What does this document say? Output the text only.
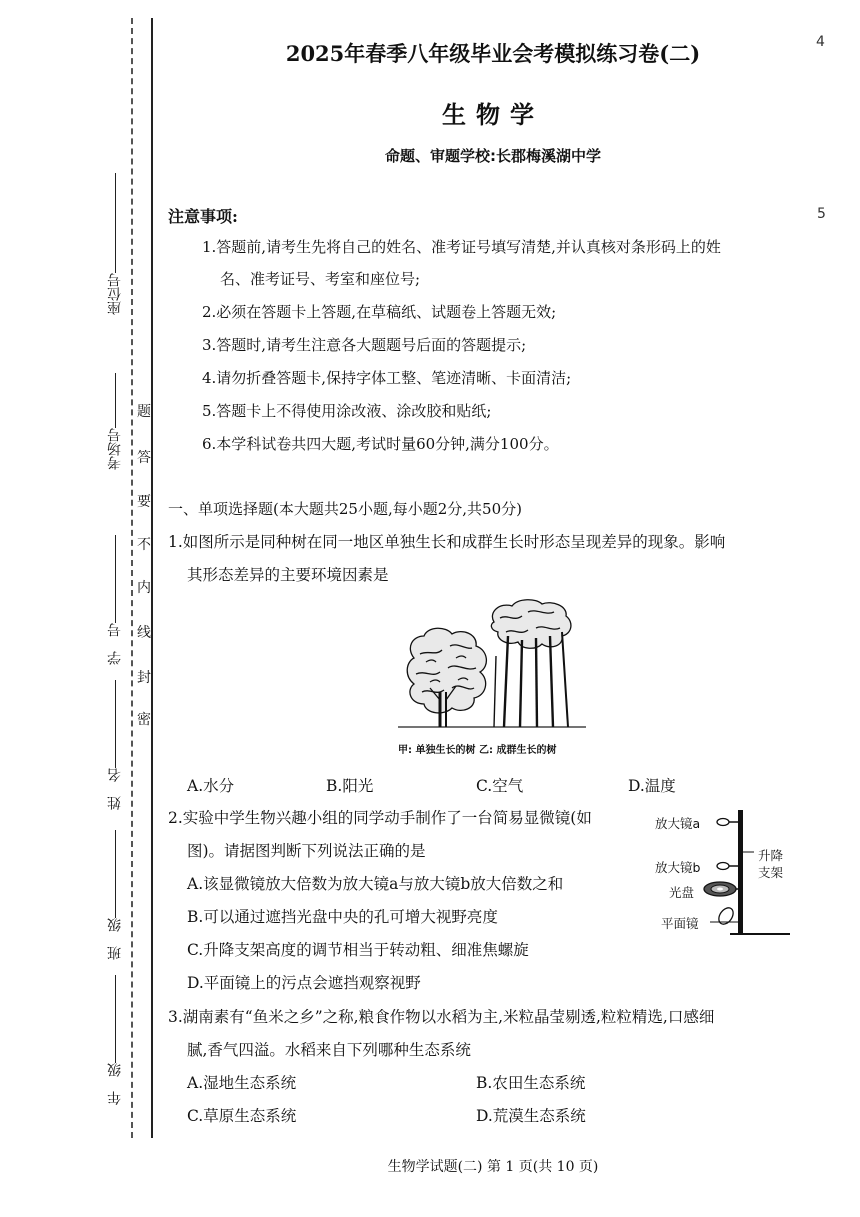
4
5
座位号
考场号
学　号
姓　名
班　级
年　级
题
答
要
不
内
线
封
密
2025年春季八年级毕业会考模拟练习卷(二)
生物学
命题、审题学校:长郡梅溪湖中学
注意事项:
1.答题前,请考生先将自己的姓名、准考证号填写清楚,并认真核对条形码上的姓
名、准考证号、考室和座位号;
2.必须在答题卡上答题,在草稿纸、试题卷上答题无效;
3.答题时,请考生注意各大题题号后面的答题提示;
4.请勿折叠答题卡,保持字体工整、笔迹清晰、卡面清洁;
5.答题卡上不得使用涂改液、涂改胶和贴纸;
6.本学科试卷共四大题,考试时量60分钟,满分100分。
一、单项选择题(本大题共25小题,每小题2分,共50分)
1.如图所示是同种树在同一地区单独生长和成群生长时形态呈现差异的现象。影响
其形态差异的主要环境因素是
甲: 单独生长的树 乙: 成群生长的树
A.水分	B.阳光	C.空气	D.温度
2.实验中学生物兴趣小组的同学动手制作了一台简易显微镜(如
图)。请据图判断下列说法正确的是
A.该显微镜放大倍数为放大镜a与放大镜b放大倍数之和
B.可以通过遮挡光盘中央的孔可增大视野亮度
C.升降支架高度的调节相当于转动粗、细准焦螺旋
D.平面镜上的污点会遮挡观察视野
放大镜a
放大镜b
光盘
平面镜
升降
支架
3.湖南素有“鱼米之乡”之称,粮食作物以水稻为主,米粒晶莹剔透,粒粒精选,口感细
腻,香气四溢。水稻来自下列哪种生态系统
A.湿地生态系统	B.农田生态系统
C.草原生态系统	D.荒漠生态系统
生物学试题(二) 第 1 页(共 10 页)
